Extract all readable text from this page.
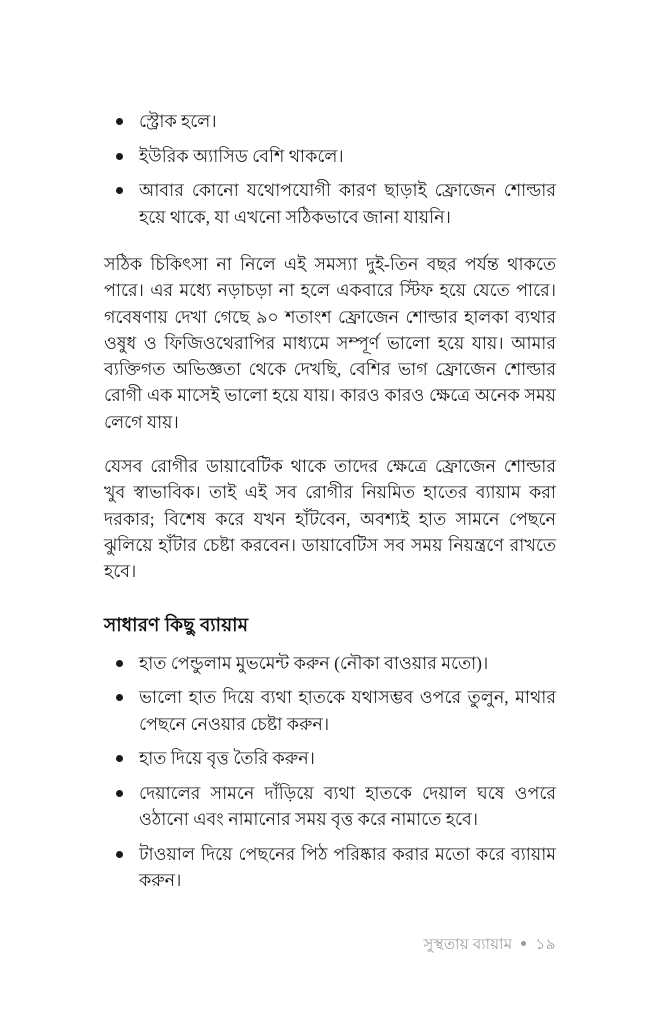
স্ট্রোক হলে।
ইউরিক অ্যাসিড বেশি থাকলে।
আবার কোনো যথোপযোগী কারণ ছাড়াই ফ্রোজেন শোল্ডার হয়ে থাকে, যা এখনো সঠিকভাবে জানা যায়নি।

সঠিক চিকিৎসা না নিলে এই সমস্যা দুই-তিন বছর পর্যন্ত থাকতে পারে। এর মধ্যে নড়াচড়া না হলে একবারে স্টিফ হয়ে যেতে পারে। গবেষণায় দেখা গেছে ৯০ শতাংশ ফ্রোজেন শোল্ডার হালকা ব্যথার ওষুধ ও ফিজিওথেরাপির মাধ্যমে সম্পূর্ণ ভালো হয়ে যায়। আমার ব্যক্তিগত অভিজ্ঞতা থেকে দেখছি, বেশির ভাগ ফ্রোজেন শোল্ডার রোগী এক মাসেই ভালো হয়ে যায়। কারও কারও ক্ষেত্রে অনেক সময় লেগে যায়।

যেসব রোগীর ডায়াবেটিক থাকে তাদের ক্ষেত্রে ফ্রোজেন শোল্ডার খুব স্বাভাবিক। তাই এই সব রোগীর নিয়মিত হাতের ব্যায়াম করা দরকার; বিশেষ করে যখন হাঁটবেন, অবশ্যই হাত সামনে পেছনে ঝুলিয়ে হাঁটার চেষ্টা করবেন। ডায়াবেটিস সব সময় নিয়ন্ত্রণে রাখতে হবে।

সাধারণ কিছু ব্যায়াম
হাত পেন্ডুলাম মুভমেন্ট করুন (নৌকা বাওয়ার মতো)।
ভালো হাত দিয়ে ব্যথা হাতকে যথাসম্ভব ওপরে তুলুন, মাথার পেছনে নেওয়ার চেষ্টা করুন।
হাত দিয়ে বৃত্ত তৈরি করুন।
দেয়ালের সামনে দাঁড়িয়ে ব্যথা হাতকে দেয়াল ঘষে ওপরে ওঠানো এবং নামানোর সময় বৃত্ত করে নামাতে হবে।
টাওয়াল দিয়ে পেছনের পিঠ পরিষ্কার করার মতো করে ব্যায়াম করুন।
সুস্থতায় ব্যায়াম ১৯
